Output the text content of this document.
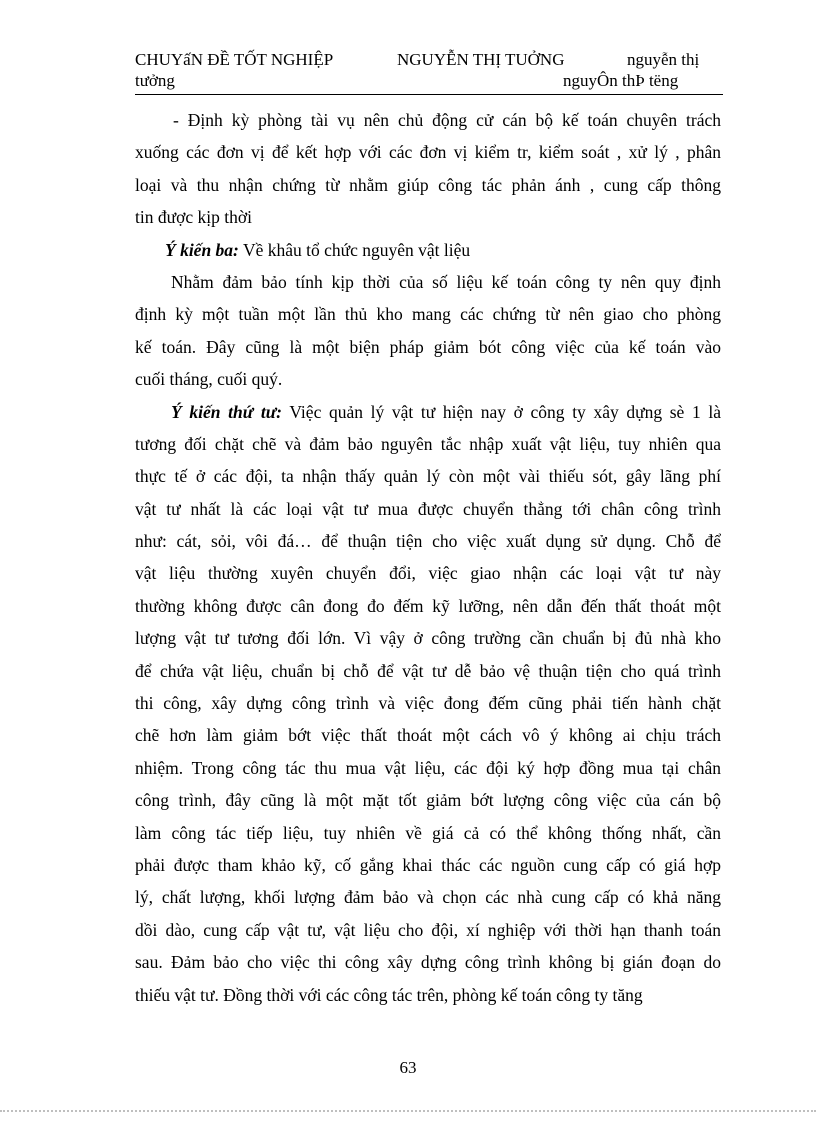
CHUYấN ĐỀ TỐT NGHIỆP	NGUYỄN THỊ TUỞNG	nguyễn thị
tưởng	nguyÔn thÞ tëng
- Định kỳ phòng tài vụ nên chủ động cử cán bộ kế toán chuyên trách
xuống các đơn vị để kết hợp với các đơn vị kiểm tr, kiểm soát , xử lý , phân
loại và thu nhận chứng từ nhằm giúp công tác phản ánh , cung cấp thông
tin được kịp thời
Ý kiến ba: Về khâu tổ chức nguyên vật liệu
Nhằm đảm bảo tính kịp thời của số liệu kế toán công ty nên quy định
định kỳ một tuần một lần thủ kho mang các chứng từ nên giao cho phòng
kế toán. Đây cũng là một biện pháp giảm bót công việc của kế toán vào
cuối tháng, cuối quý.
Ý kiến thứ tư: Việc quản lý vật tư hiện nay ở công ty xây dựng sè 1 là
tương đối chặt chẽ và đảm bảo nguyên tắc nhập xuất vật liệu, tuy nhiên qua
thực tế ở các đội, ta nhận thấy quản lý còn một vài thiếu sót, gây lãng phí
vật tư nhất là các loại vật tư mua được chuyển thẳng tới chân công trình
như: cát, sỏi, vôi đá… để thuận tiện cho việc xuất dụng sử dụng. Chỗ để
vật liệu thường xuyên chuyển đổi, việc giao nhận các loại vật tư này
thường không được cân đong đo đếm kỹ lưỡng, nên dẫn đến thất thoát một
lượng vật tư tương đối lớn. Vì vậy ở công trường cần chuẩn bị đủ nhà kho
để chứa vật liệu, chuẩn bị chỗ để vật tư dễ bảo vệ thuận tiện cho quá trình
thi công, xây dựng công trình và việc đong đếm cũng phải tiến hành chặt
chẽ hơn làm giảm bớt việc thất thoát một cách vô ý không ai chịu trách
nhiệm. Trong công tác thu mua vật liệu, các đội ký hợp đồng mua tại chân
công trình, đây cũng là một mặt tốt giảm bớt lượng công việc của cán bộ
làm công tác tiếp liệu, tuy nhiên về giá cả có thể không thống nhất, cần
phải được tham khảo kỹ, cố gắng khai thác các nguồn cung cấp có giá hợp
lý, chất lượng, khối lượng đảm bảo và chọn các nhà cung cấp có khả năng
dồi dào, cung cấp vật tư, vật liệu cho đội, xí nghiệp với thời hạn thanh toán
sau. Đảm bảo cho việc thi công xây dựng công trình không bị gián đoạn do
thiếu vật tư. Đồng thời với các công tác trên, phòng kế toán công ty tăng
63
